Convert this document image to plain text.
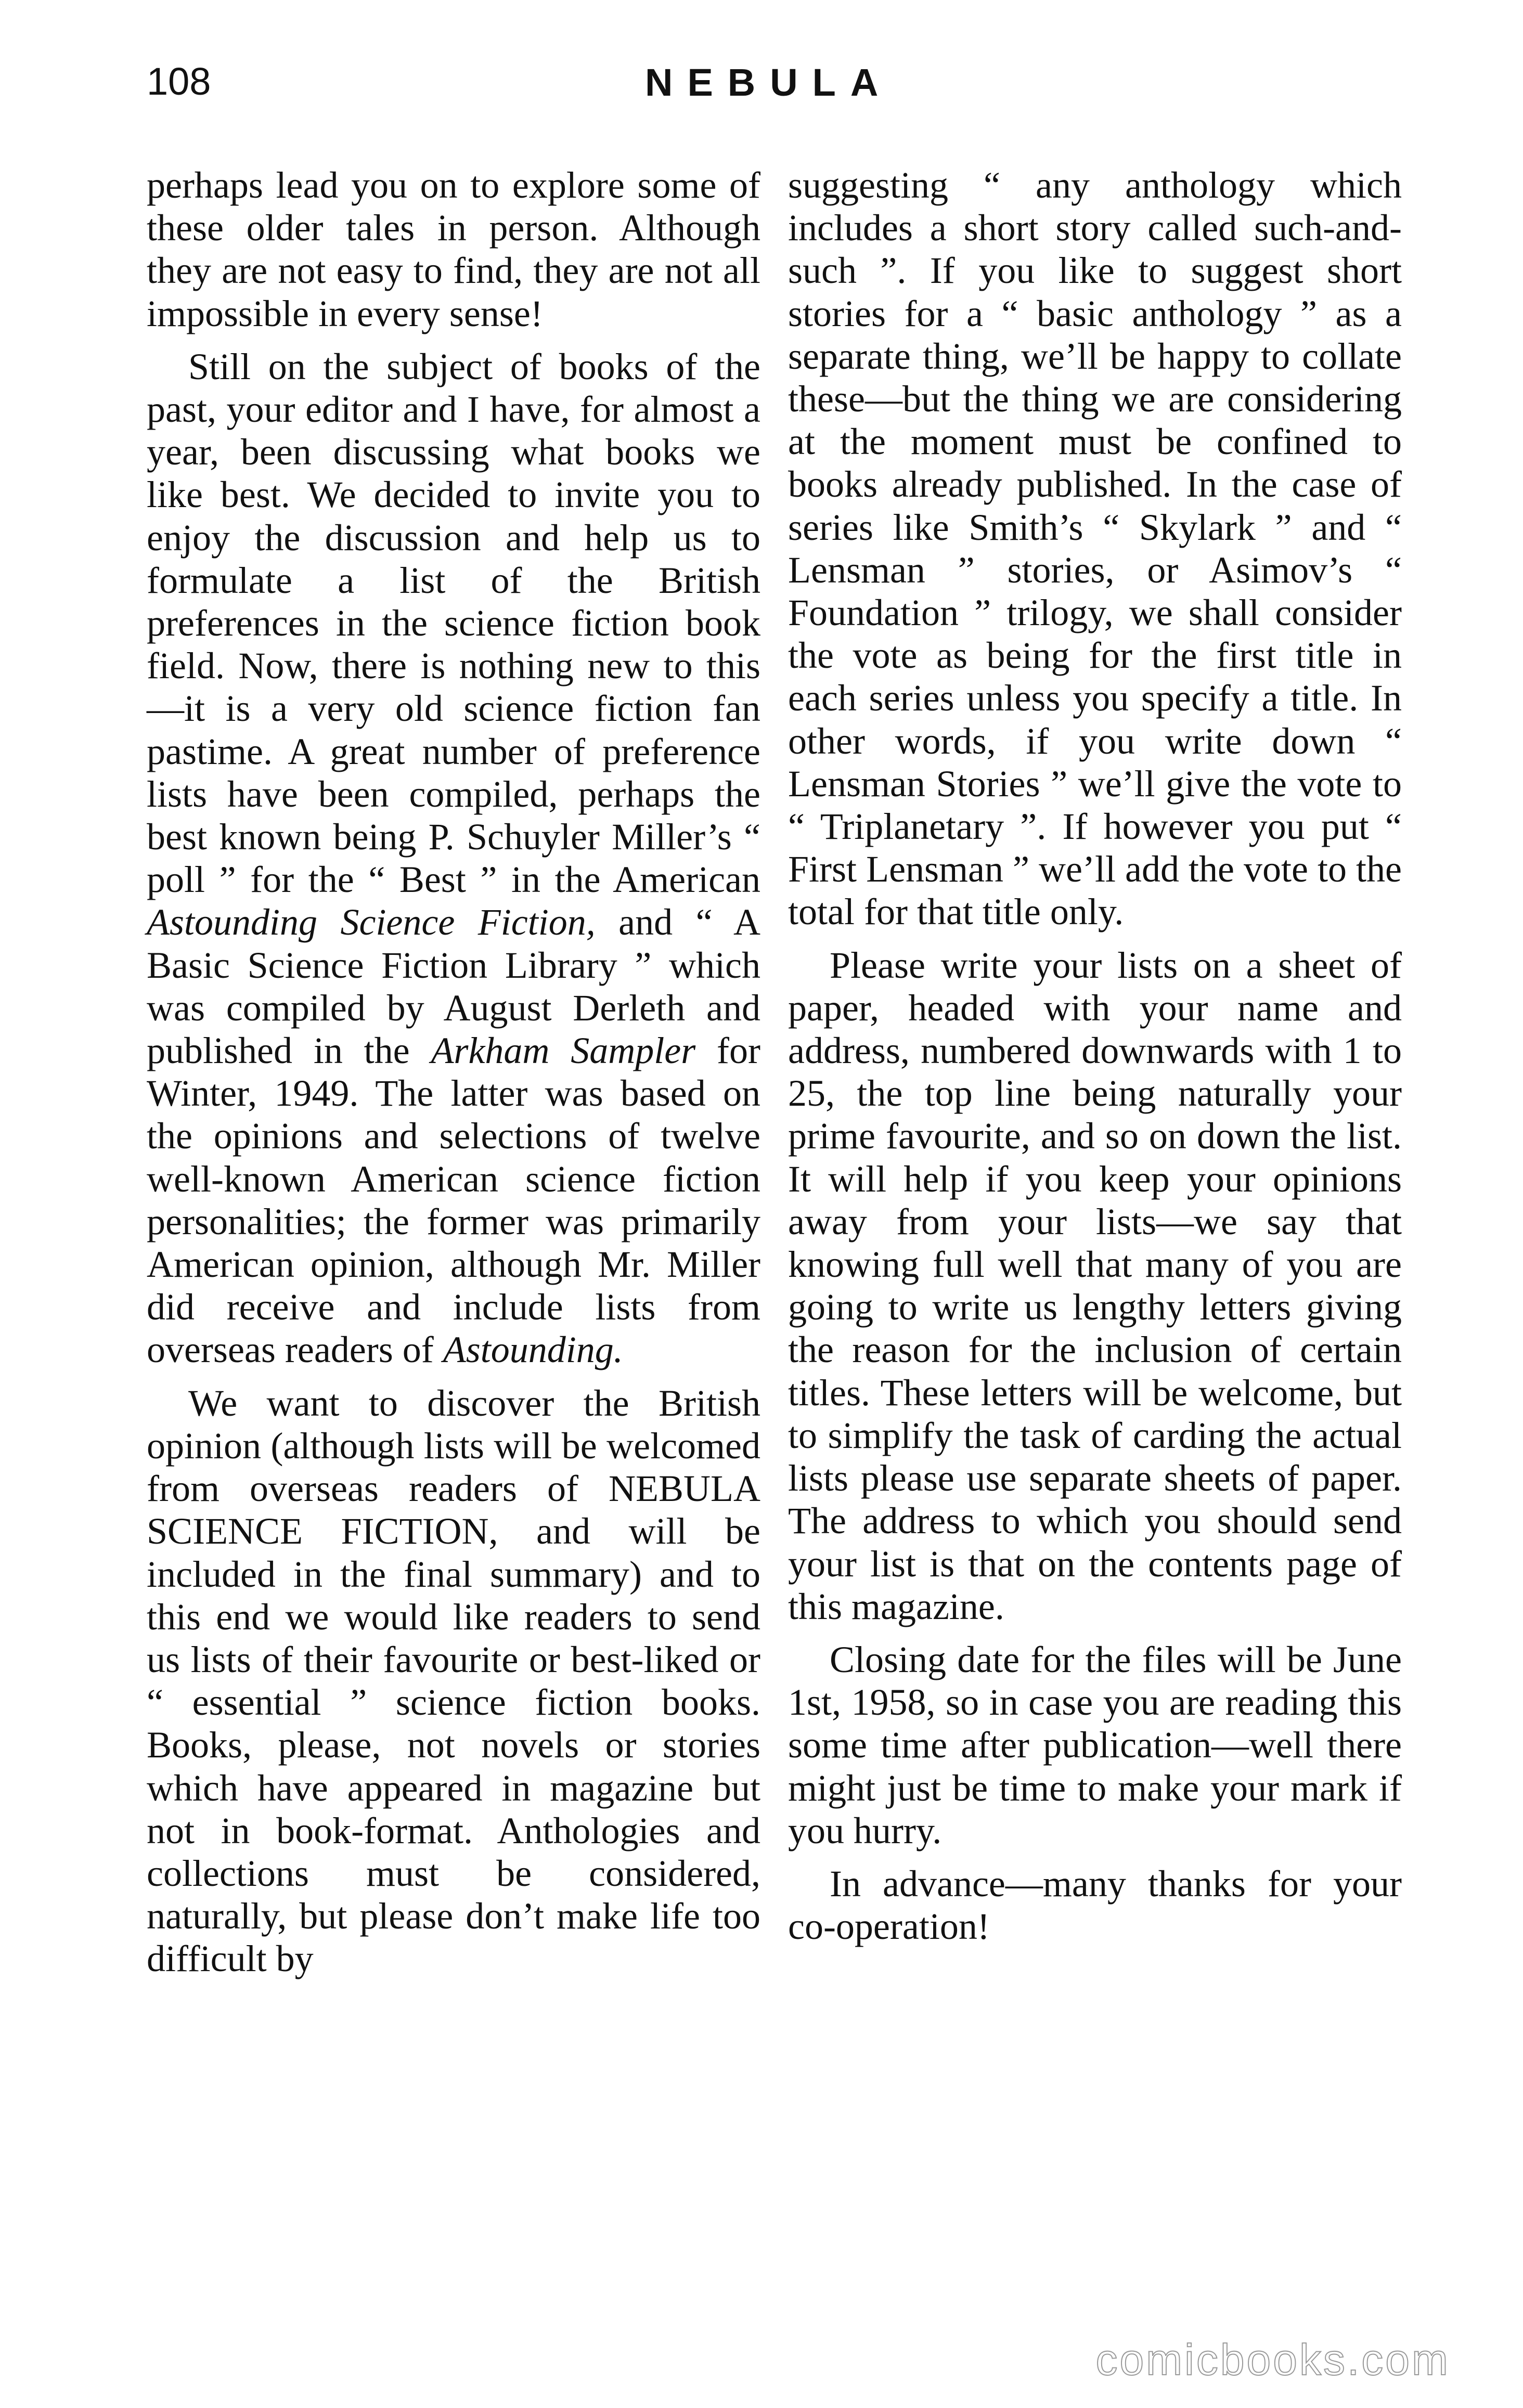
108	NEBULA

perhaps lead you on to explore some of these older tales in person. Although they are not easy to find, they are not all impossible in every sense!

Still on the subject of books of the past, your editor and I have, for almost a year, been discussing what books we like best. We decided to invite you to enjoy the discussion and help us to formulate a list of the British preferences in the science fiction book field. Now, there is nothing new to this—it is a very old science fiction fan pastime. A great number of preference lists have been compiled, perhaps the best known being P. Schuyler Miller’s “ poll ” for the “ Best ” in the American Astounding Science Fiction, and “ A Basic Science Fiction Library ” which was compiled by August Derleth and published in the Arkham Sampler for Winter, 1949. The latter was based on the opinions and selections of twelve well-known American science fiction personalities; the former was primarily American opinion, although Mr. Miller did receive and include lists from overseas readers of Astounding.

We want to discover the British opinion (although lists will be welcomed from overseas readers of NEBULA SCIENCE FICTION, and will be included in the final summary) and to this end we would like readers to send us lists of their favourite or best-liked or “ essential ” science fiction books. Books, please, not novels or stories which have appeared in magazine but not in book-format. Anthologies and collections must be considered, naturally, but please don’t make life too difficult by

suggesting “ any anthology which includes a short story called such-and-such ”. If you like to suggest short stories for a “ basic anthology ” as a separate thing, we’ll be happy to collate these—but the thing we are considering at the moment must be confined to books already published. In the case of series like Smith’s “ Skylark ” and “ Lensman ” stories, or Asimov’s “ Foundation ” trilogy, we shall consider the vote as being for the first title in each series unless you specify a title. In other words, if you write down “ Lensman Stories ” we’ll give the vote to “ Triplanetary ”. If however you put “ First Lensman ” we’ll add the vote to the total for that title only.

Please write your lists on a sheet of paper, headed with your name and address, numbered downwards with 1 to 25, the top line being naturally your prime favourite, and so on down the list. It will help if you keep your opinions away from your lists—we say that knowing full well that many of you are going to write us lengthy letters giving the reason for the inclusion of certain titles. These letters will be welcome, but to simplify the task of carding the actual lists please use separate sheets of paper. The address to which you should send your list is that on the contents page of this magazine.

Closing date for the files will be June 1st, 1958, so in case you are reading this some time after publication—well there might just be time to make your mark if you hurry.

In advance—many thanks for your co-operation!

comicbooks.com
